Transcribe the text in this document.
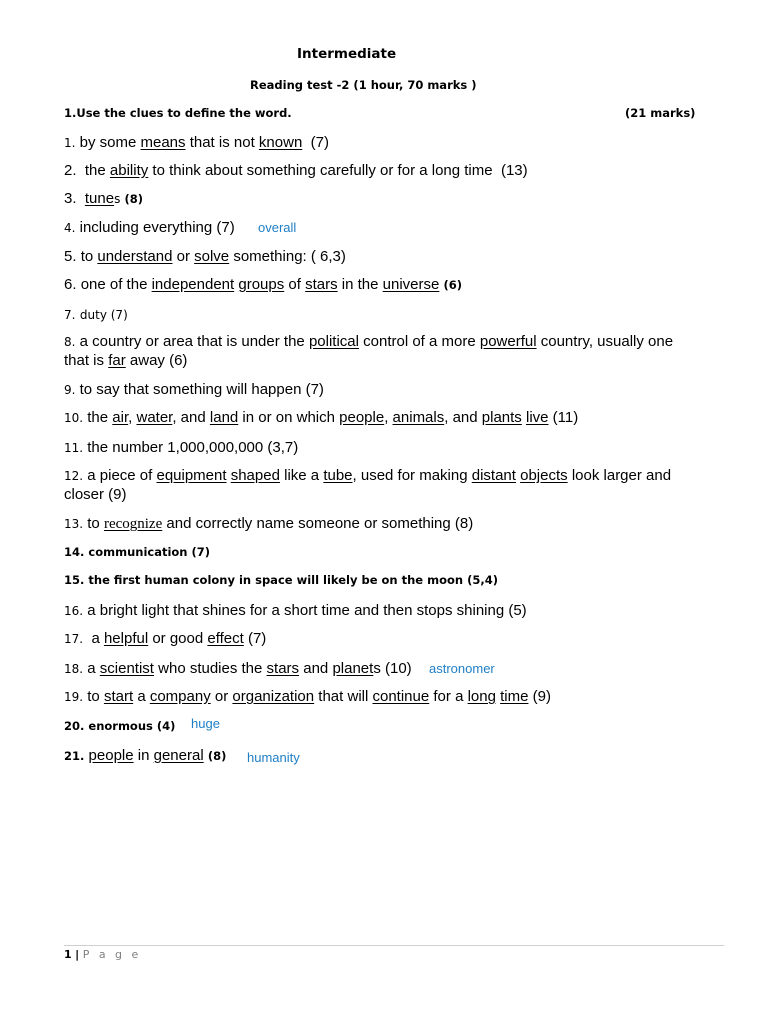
Intermediate
Reading test -2 (1 hour, 70 marks )
1.Use the clues to define the word.	(21 marks)
1. by some means that is not known (7)
2. the ability to think about something carefully or for a long time (13)
3. tunes (8)
4. including everything (7) overall
5. to understand or solve something: ( 6,3)
6. one of the independent groups of stars in the universe (6)
7. duty (7)
8. a country or area that is under the political control of a more powerful country, usually one
that is far away (6)
9. to say that something will happen (7)
10. the air, water, and land in or on which people, animals, and plants live (11)
11. the number 1,000,000,000 (3,7)
12. a piece of equipment shaped like a tube, used for making distant objects look larger and
closer (9)
13. to recognize and correctly name someone or something (8)
14. communication (7)
15. the first human colony in space will likely be on the moon (5,4)
16. a bright light that shines for a short time and then stops shining (5)
17. a helpful or good effect (7)
18. a scientist who studies the stars and planets (10) astronomer
19. to start a company or organization that will continue for a long time (9)
20. enormous (4) huge
21. people in general (8) humanity
1 | P a g e
